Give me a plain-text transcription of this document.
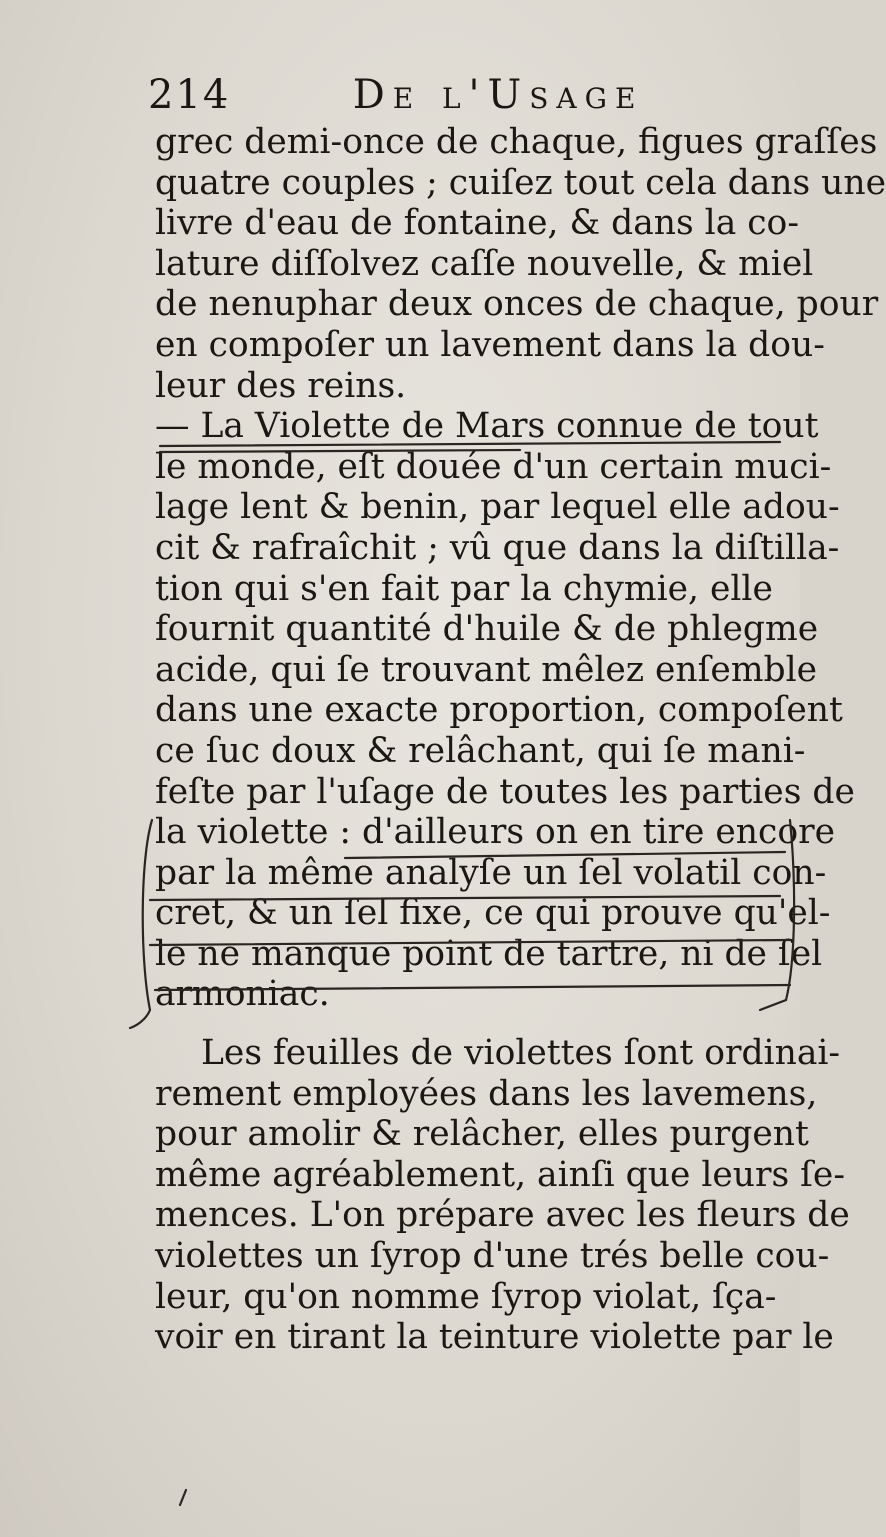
214	De l'Usage
grec demi-once de chaque, figues graſſes
quatre couples ; cuiſez tout cela dans une
livre d'eau de fontaine, & dans la co-
lature diſſolvez caſſe nouvelle, & miel
de nenuphar deux onces de chaque, pour
en compoſer un lavement dans la dou-
leur des reins.
— La Violette de Mars connue de tout
le monde, eſt douée d'un certain muci-
lage lent & benin, par lequel elle adou-
cit & rafraîchit ; vû que dans la diſtilla-
tion qui s'en fait par la chymie, elle
fournit quantité d'huile & de phlegme
acide, qui ſe trouvant mêlez enſemble
dans une exacte proportion, compoſent
ce ſuc doux & relâchant, qui ſe mani-
feſte par l'uſage de toutes les parties de
la violette : d'ailleurs on en tire encore
par la même analyſe un ſel volatil con-
cret, & un ſel fixe, ce qui prouve qu'el-
le ne manque point de tartre, ni de ſel
armoniac.
Les feuilles de violettes ſont ordinai-
rement employées dans les lavemens,
pour amolir & relâcher, elles purgent
même agréablement, ainſi que leurs ſe-
mences. L'on prépare avec les fleurs de
violettes un ſyrop d'une trés belle cou-
leur, qu'on nomme ſyrop violat, ſça-
voir en tirant la teinture violette par le
